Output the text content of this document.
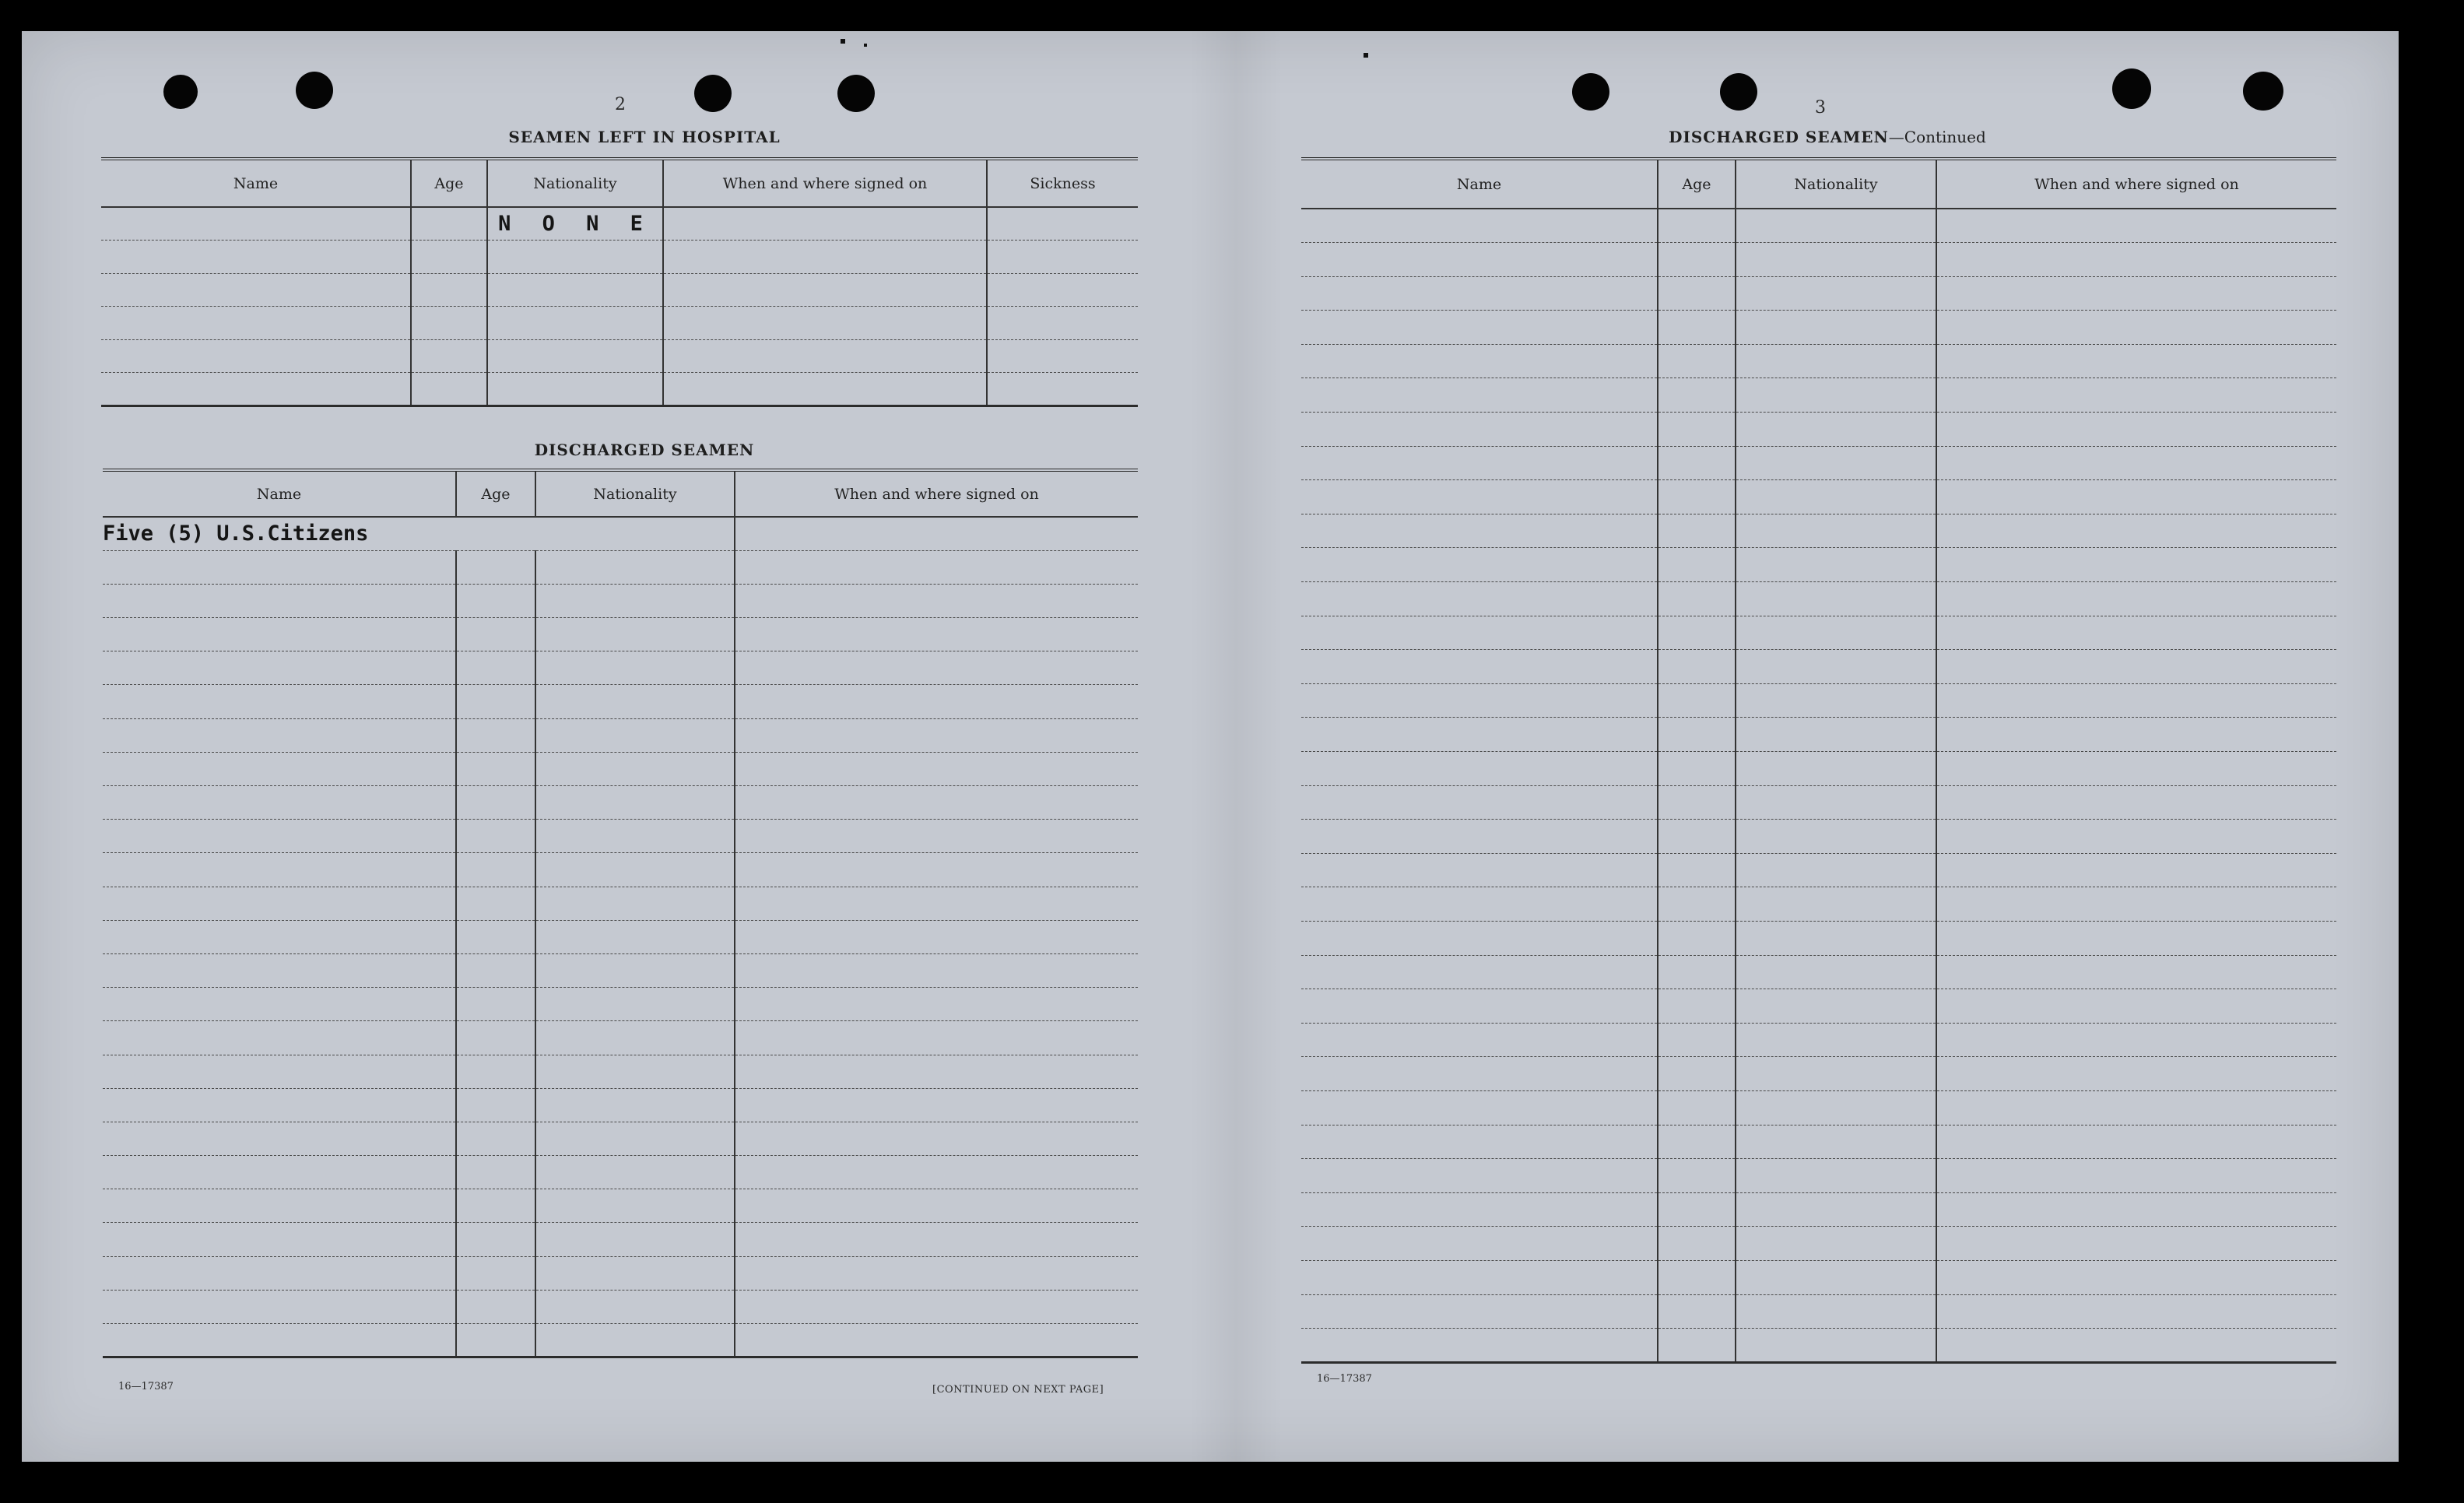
2
SEAMEN LEFT IN HOSPITAL
Name	Age	Nationality	When and where signed on	Sickness
		N O N E		

DISCHARGED SEAMEN
Name	Age	Nationality	When and where signed on
Five (5) U.S.Citizens			

16—17387	[CONTINUED ON NEXT PAGE]
3
DISCHARGED SEAMEN—Continued
Name	Age	Nationality	When and where signed on

16—17387
